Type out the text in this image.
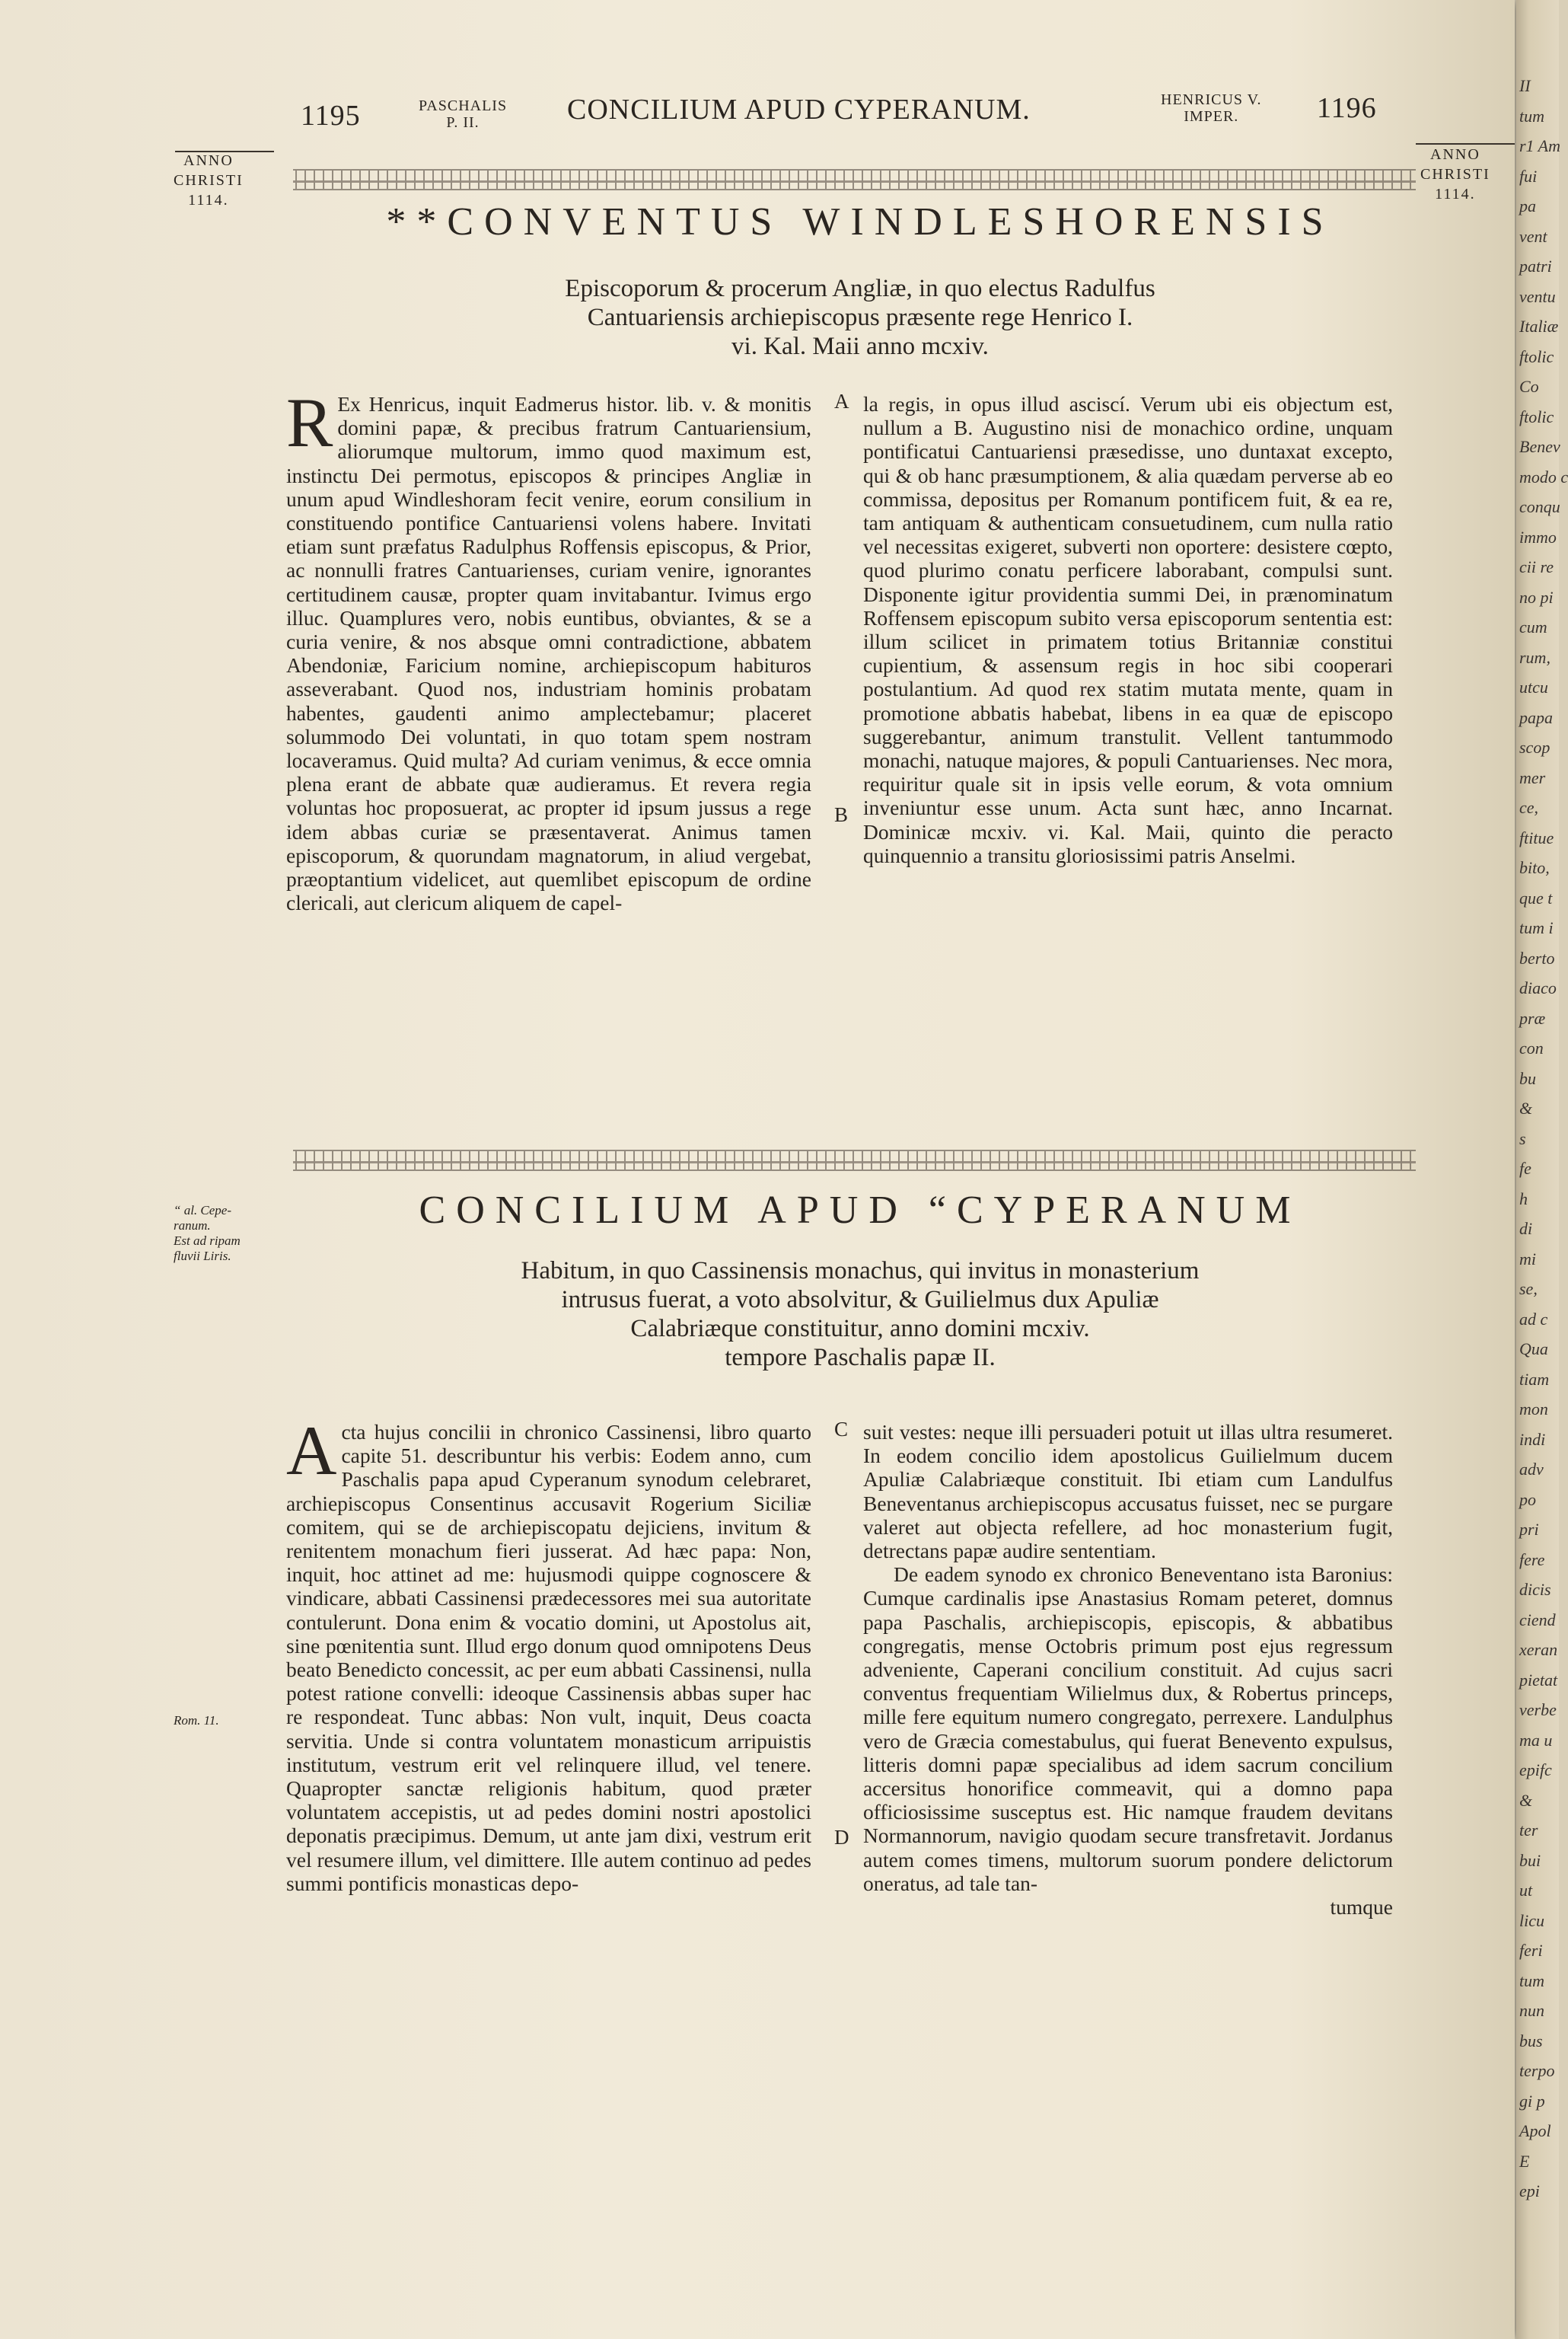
1195	PASCHALIS
P. II.	CONCILIUM APUD CYPERANUM.	HENRICUS V.
IMPER.	1196
ANNO
CHRISTI
1114.
ANNO
CHRISTI
1114.
**CONVENTUS WINDLESHORENSIS
Episcoporum & procerum Angliæ, in quo electus Radulfus
Cantuariensis archiepiscopus præsente rege Henrico I.
vi. Kal. Maii anno mcxiv.

R Ex Henricus, inquit Eadmerus histor. lib. v. & monitis domini papæ, & precibus fratrum Cantuariensium, aliorumque multorum, immo quod maximum est, instinctu Dei permotus, episcopos & principes Angliæ in unum apud Windleshoram fecit venire, eorum consilium in constituendo pontifice Cantuariensi volens habere. Invitati etiam sunt præfatus Radulphus Roffensis episcopus, & Prior, ac nonnulli fratres Cantuarienses, curiam venire, ignorantes certitudinem causæ, propter quam invitabantur. Ivimus ergo illuc. Quamplures vero, nobis euntibus, obviantes, & se a curia venire, & nos absque omni contradictione, abbatem Abendoniæ, Faricium nomine, archiepiscopum habituros asseverabant. Quod nos, industriam hominis probatam habentes, gaudenti animo amplectebamur; placeret solummodo Dei voluntati, in quo totam spem nostram locaveramus. Quid multa? Ad curiam venimus, & ecce omnia plena erant de abbate quæ audieramus. Et revera regia voluntas hoc proposuerat, ac propter id ipsum jussus a rege idem abbas curiæ se præsentaverat. Animus tamen episcoporum, & quorundam magnatorum, in aliud vergebat, præoptantium videlicet, aut quemlibet episcopum de ordine clericali, aut clericum aliquem de capel-

A
B

la regis, in opus illud asciscí. Verum ubi eis objectum est, nullum a B. Augustino nisi de monachico ordine, unquam pontificatui Cantuariensi præsedisse, uno duntaxat excepto, qui & ob hanc præsumptionem, & alia quædam perverse ab eo commissa, depositus per Romanum pontificem fuit, & ea re, tam antiquam & authenticam consuetudinem, cum nulla ratio vel necessitas exigeret, subverti non oportere: desistere cœpto, quod plurimo conatu perficere laborabant, compulsi sunt. Disponente igitur providentia summi Dei, in prænominatum Roffensem episcopum subito versa episcoporum sententia est: illum scilicet in primatem totius Britanniæ constitui cupientium, & assensum regis in hoc sibi cooperari postulantium. Ad quod rex statim mutata mente, quam in promotione abbatis habebat, libens in ea quæ de episcopo suggerebantur, animum transtulit. Vellent tantummodo monachi, natuque majores, & populi Cantuarienses. Nec mora, requiritur quale sit in ipsis velle eorum, & vota omnium inveniuntur esse unum. Acta sunt hæc, anno Incarnat. Dominicæ mcxiv. vi. Kal. Maii, quinto die peracto quinquennio a transitu gloriosissimi patris Anselmi.

CONCILIUM APUD “CYPERANUM
“ al. Cepe-
ranum.
Est ad ripam
fluvii Liris.
Habitum, in quo Cassinensis monachus, qui invitus in monasterium
intrusus fuerat, a voto absolvitur, & Guilielmus dux Apuliæ
Calabriæque constituitur, anno domini mcxiv.
tempore Paschalis papæ II.

Acta hujus concilii in chronico Cassinensi, libro quarto capite 51. describuntur his verbis: Eodem anno, cum Paschalis papa apud Cyperanum synodum celebraret, archiepiscopus Consentinus accusavit Rogerium Siciliæ comitem, qui se de archiepiscopatu dejiciens, invitum & renitentem monachum fieri jusserat. Ad hæc papa: Non, inquit, hoc attinet ad me: hujusmodi quippe cognoscere & vindicare, abbati Cassinensi prædecessores mei sua autoritate contulerunt. Dona enim & vocatio domini, ut Apostolus ait, sine pœnitentia sunt. Illud ergo donum quod omnipotens Deus beato Benedicto concessit, ac per eum abbati Cassinensi, nulla potest ratione convelli: ideoque Cassinensis abbas super hac re respondeat. Tunc abbas: Non vult, inquit, Deus coacta servitia. Unde si contra voluntatem monasticum arripuistis institutum, vestrum erit vel relinquere illud, vel tenere. Quapropter sanctæ religionis habitum, quod præter voluntatem accepistis, ut ad pedes domini nostri apostolici deponatis præcipimus. Demum, ut ante jam dixi, vestrum erit vel resumere illum, vel dimittere. Ille autem continuo ad pedes summi pontificis monasticas depo-

Rom. 11.
C
D

suit vestes: neque illi persuaderi potuit ut illas ultra resumeret. In eodem concilio idem apostolicus Guilielmum ducem Apuliæ Calabriæque constituit. Ibi etiam cum Landulfus Beneventanus archiepiscopus accusatus fuisset, nec se purgare valeret aut objecta refellere, ad hoc monasterium fugit, detrectans papæ audire sententiam.

De eadem synodo ex chronico Beneventano ista Baronius: Cumque cardinalis ipse Anastasius Romam peteret, domnus papa Paschalis, archiepiscopis, episcopis, & abbatibus congregatis, mense Octobris primum post ejus regressum adveniente, Caperani concilium constituit. Ad cujus sacri conventus frequentiam Wilielmus dux, & Robertus princeps, mille fere equitum numero congregato, perrexere. Landulphus vero de Græcia comestabulus, qui fuerat Benevento expulsus, litteris domni papæ specialibus ad idem sacrum concilium accersitus honorifice commeavit, qui a domno papa officiosissime susceptus est. Hic namque fraudem devitans Normannorum, navigio quodam secure transfretavit. Jordanus autem comes timens, multorum suorum pondere delictorum oneratus, ad tale tan-

tumque

II
tum
r1 Am
fui
pa
vent
patri
ventu
Italiæ
ftolic
Co
ftolic
Benev
modo c
conqu
immo
cii re
no pi
cum
rum,
utcu
papa
scop
mer
ce,
ftitue
bito,
que t
tum i
berto
diaco
præ
con
bu
&
s
fe
h
di
mi
se,
ad c
Qua
tiam
mon
indi
adv
po
pri
fere
dicis
ciend
xeran
pietat
verbe
ma u
epifc
&
ter
bui
ut
licu
feri
tum
nun
bus
terpo
gi p
Apol
E
epi
